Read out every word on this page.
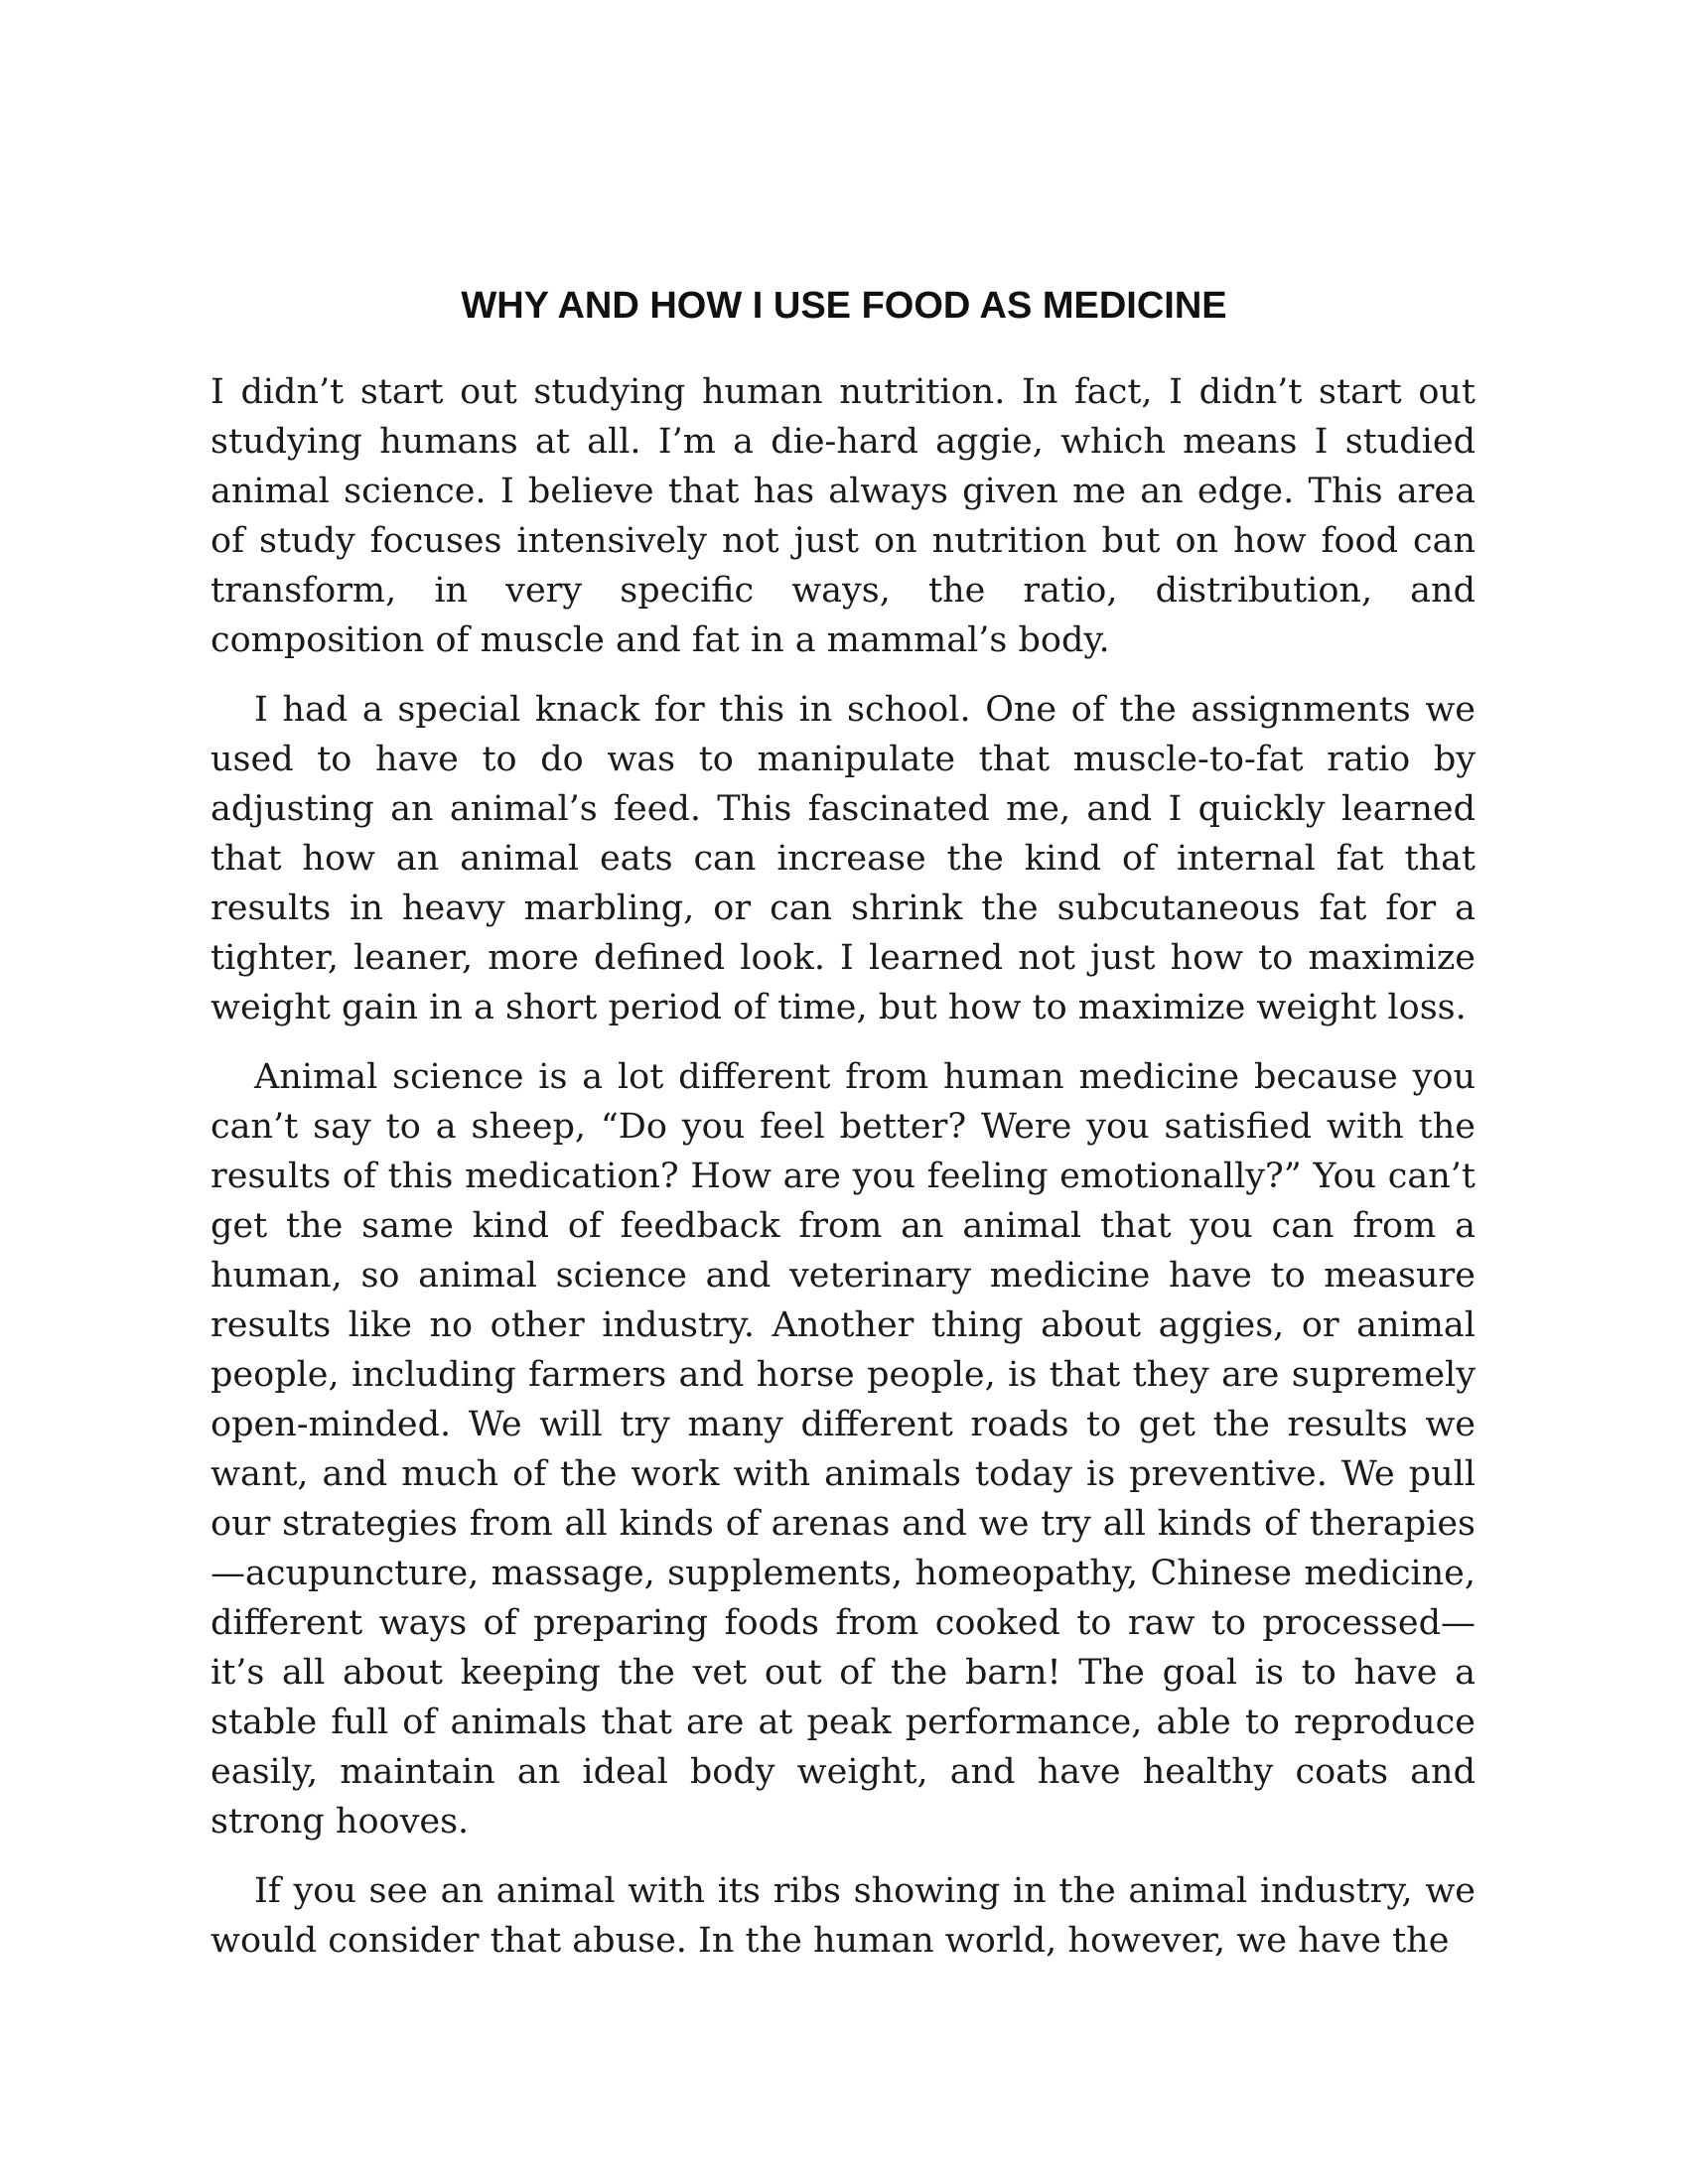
WHY AND HOW I USE FOOD AS MEDICINE

I didn’t start out studying human nutrition. In fact, I didn’t start out studying humans at all. I’m a die-hard aggie, which means I studied animal science. I believe that has always given me an edge. This area of study focuses intensively not just on nutrition but on how food can transform, in very specific ways, the ratio, distribution, and composition of muscle and fat in a mammal’s body.

I had a special knack for this in school. One of the assignments we used to have to do was to manipulate that muscle-to-fat ratio by adjusting an animal’s feed. This fascinated me, and I quickly learned that how an animal eats can increase the kind of internal fat that results in heavy marbling, or can shrink the subcutaneous fat for a tighter, leaner, more defined look. I learned not just how to maximize weight gain in a short period of time, but how to maximize weight loss.

Animal science is a lot different from human medicine because you can’t say to a sheep, “Do you feel better? Were you satisfied with the results of this medication? How are you feeling emotionally?” You can’t get the same kind of feedback from an animal that you can from a human, so animal science and veterinary medicine have to measure results like no other industry. Another thing about aggies, or animal people, including farmers and horse people, is that they are supremely open-minded. We will try many different roads to get the results we want, and much of the work with animals today is preventive. We pull our strategies from all kinds of arenas and we try all kinds of therapies —acupuncture, massage, supplements, homeopathy, Chinese medicine, different ways of preparing foods from cooked to raw to processed—it’s all about keeping the vet out of the barn! The goal is to have a stable full of animals that are at peak performance, able to reproduce easily, maintain an ideal body weight, and have healthy coats and strong hooves.

If you see an animal with its ribs showing in the animal industry, we would consider that abuse. In the human world, however, we have the
